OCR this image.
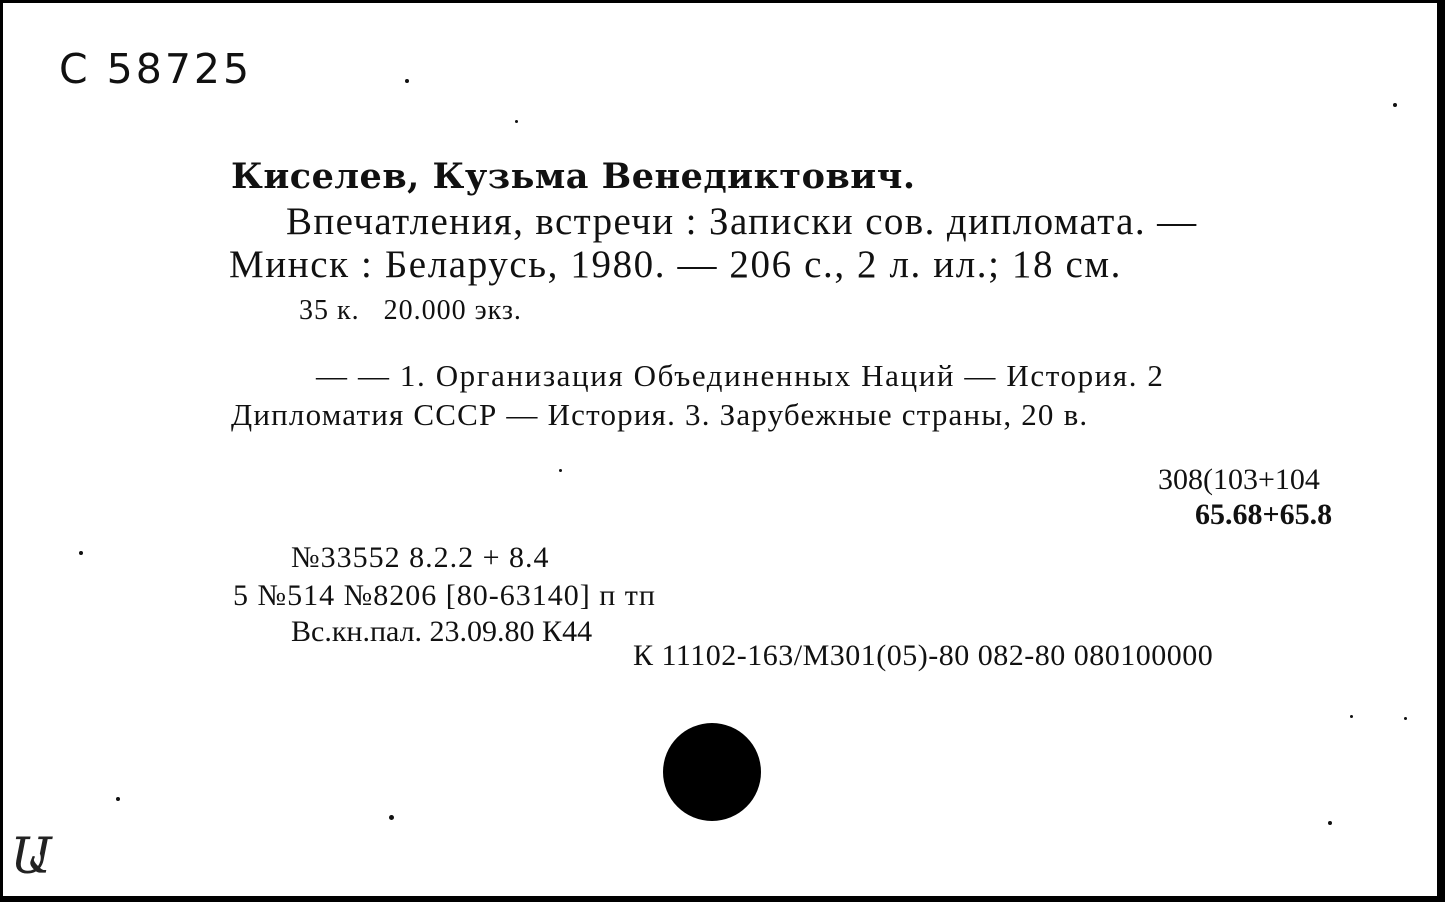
С 58725
Киселев, Кузьма Венедиктович.
Впечатления, встречи : Записки сов. дипломата. —
Минск : Беларусь, 1980. — 206 с., 2 л. ил.; 18 см.
35 к.   20.000 экз.
— — 1. Организация Объединенных Наций — История. 2
Дипломатия СССР — История. 3. Зарубежные страны, 20 в.
308(103+104
65.68+65.8
№33552 8.2.2 + 8.4
5 №514 №8206 [80-63140] п тп
Вс.кн.пал. 23.09.80 К44
К 11102-163/М301(05)-80 082-80 080100000
Ա
